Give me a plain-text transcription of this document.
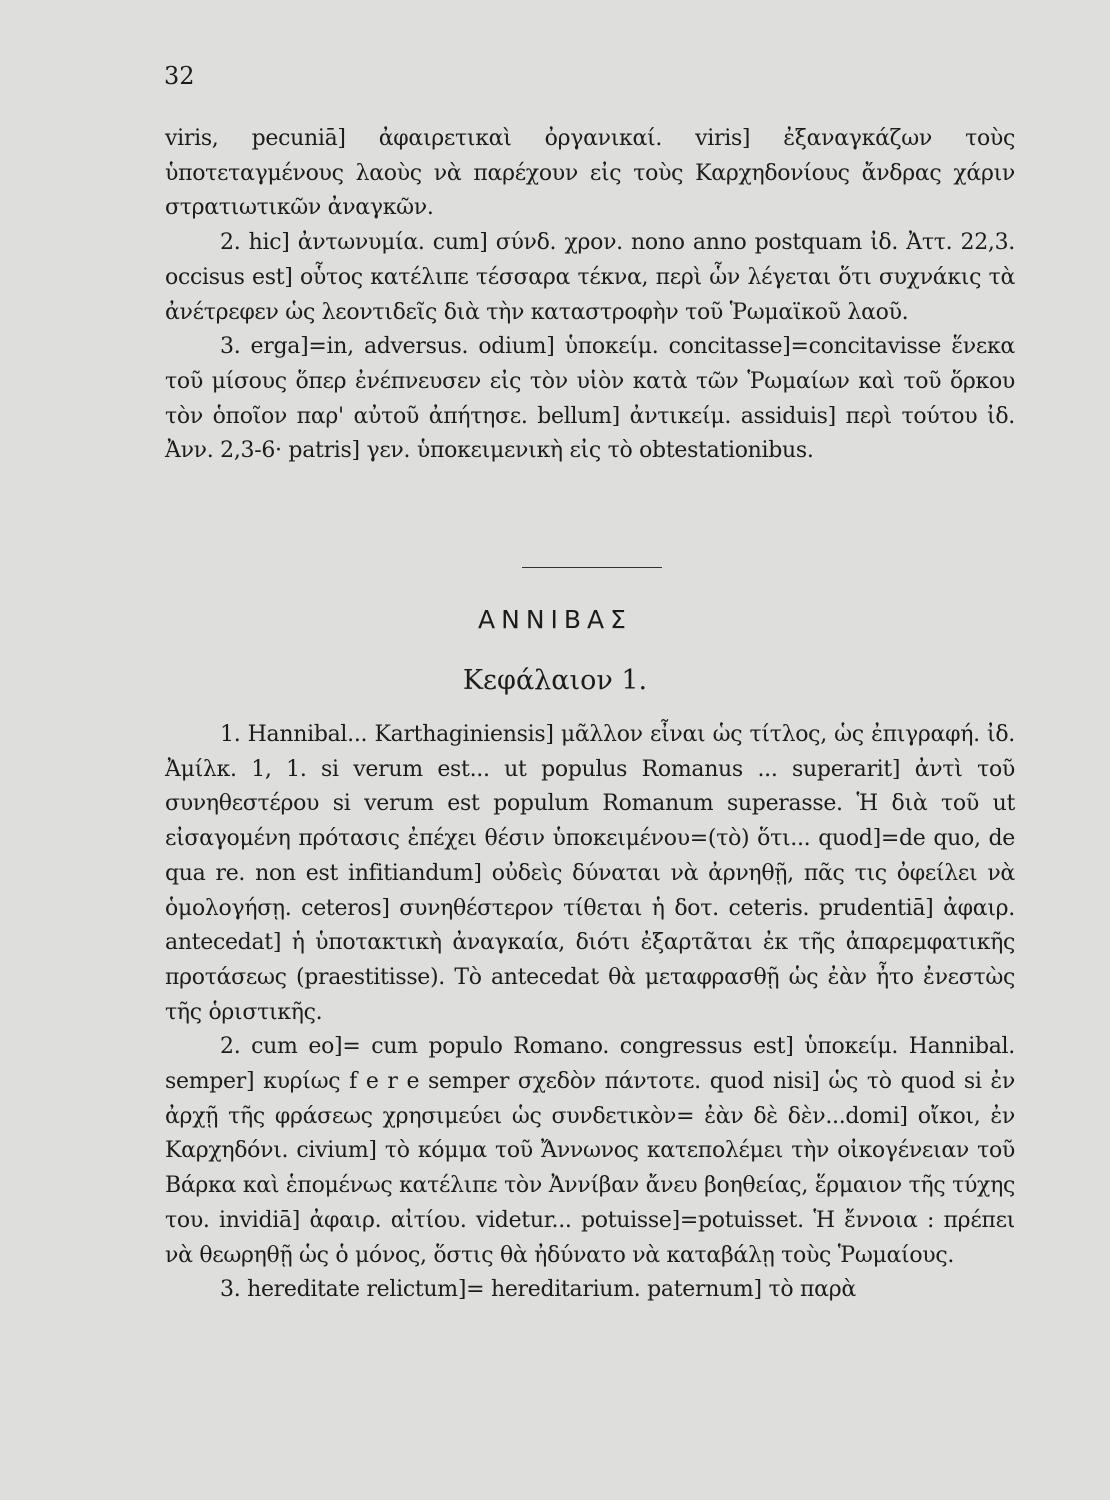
32

viris, pecuniā] ἀφαιρετικαὶ ὀργανικαί. viris] ἐξαναγκάζων τοὺς ὑποτεταγμένους λαοὺς νὰ παρέχουν εἰς τοὺς Καρχηδονίους ἄνδρας χάριν στρατιωτικῶν ἀναγκῶν.

2. hic] ἀντωνυμία. cum] σύνδ. χρον. nono anno postquam ἰδ. Ἀττ. 22,3. occisus est] οὗτος κατέλιπε τέσσαρα τέκνα, περὶ ὧν λέγεται ὅτι συχνάκις τὰ ἀνέτρεφεν ὡς λεοντιδεῖς διὰ τὴν καταστροφὴν τοῦ Ῥωμαϊκοῦ λαοῦ.

3. erga]=in, adversus. odium] ὑποκείμ. concitasse]=concitavisse ἕνεκα τοῦ μίσους ὅπερ ἐνέπνευσεν εἰς τὸν υἱὸν κατὰ τῶν Ῥωμαίων καὶ τοῦ ὅρκου τὸν ὁποῖον παρ' αὐτοῦ ἀπήτησε. bellum] ἀντικείμ. assiduis] περὶ τούτου ἰδ. Ἀνν. 2,3-6· patris] γεν. ὑποκειμενικὴ εἰς τὸ obtestationibus.

ΑΝΝΙΒΑΣ
Κεφάλαιον 1.

1. Hannibal... Karthaginiensis] μᾶλλον εἶναι ὡς τίτλος, ὡς ἐπιγραφή. ἰδ. Ἀμίλκ. 1, 1. si verum est... ut populus Romanus ... superarit] ἀντὶ τοῦ συνηθεστέρου si verum est populum Romanum superasse. Ἡ διὰ τοῦ ut εἰσαγομένη πρότασις ἐπέχει θέσιν ὑποκειμένου=(τὸ) ὅτι... quod]=de quo, de qua re. non est infitiandum] οὐδεὶς δύναται νὰ ἀρνηθῇ, πᾶς τις ὀφείλει νὰ ὁμολογήσῃ. ceteros] συνηθέστερον τίθεται ἡ δοτ. ceteris. prudentiā] ἀφαιρ. antecedat] ἡ ὑποτακτικὴ ἀναγκαία, διότι ἐξαρτᾶται ἐκ τῆς ἀπαρεμφατικῆς προτάσεως (praestitisse). Τὸ antecedat θὰ μεταφρασθῇ ὡς ἐὰν ἦτο ἐνεστὼς τῆς ὁριστικῆς.

2. cum eo]= cum populo Romano. congressus est] ὑποκείμ. Hannibal. semper] κυρίως f e r e semper σχεδὸν πάντοτε. quod nisi] ὡς τὸ quod si ἐν ἀρχῇ τῆς φράσεως χρησιμεύει ὡς συνδετικὸν= ἐὰν δὲ δὲν...domi] οἴκοι, ἐν Καρχηδόνι. civium] τὸ κόμμα τοῦ Ἄννωνος κατεπολέμει τὴν οἰκογένειαν τοῦ Βάρκα καὶ ἑπομένως κατέλιπε τὸν Ἀννίβαν ἄνευ βοηθείας, ἕρμαιον τῆς τύχης του. invidiā] ἀφαιρ. αἰτίου. videtur... potuisse]=potuisset. Ἡ ἔννοια : πρέπει νὰ θεωρηθῇ ὡς ὁ μόνος, ὅστις θὰ ἠδύνατο νὰ καταβάλῃ τοὺς Ῥωμαίους.

3. hereditate relictum]= hereditarium. paternum] τὸ παρὰ
